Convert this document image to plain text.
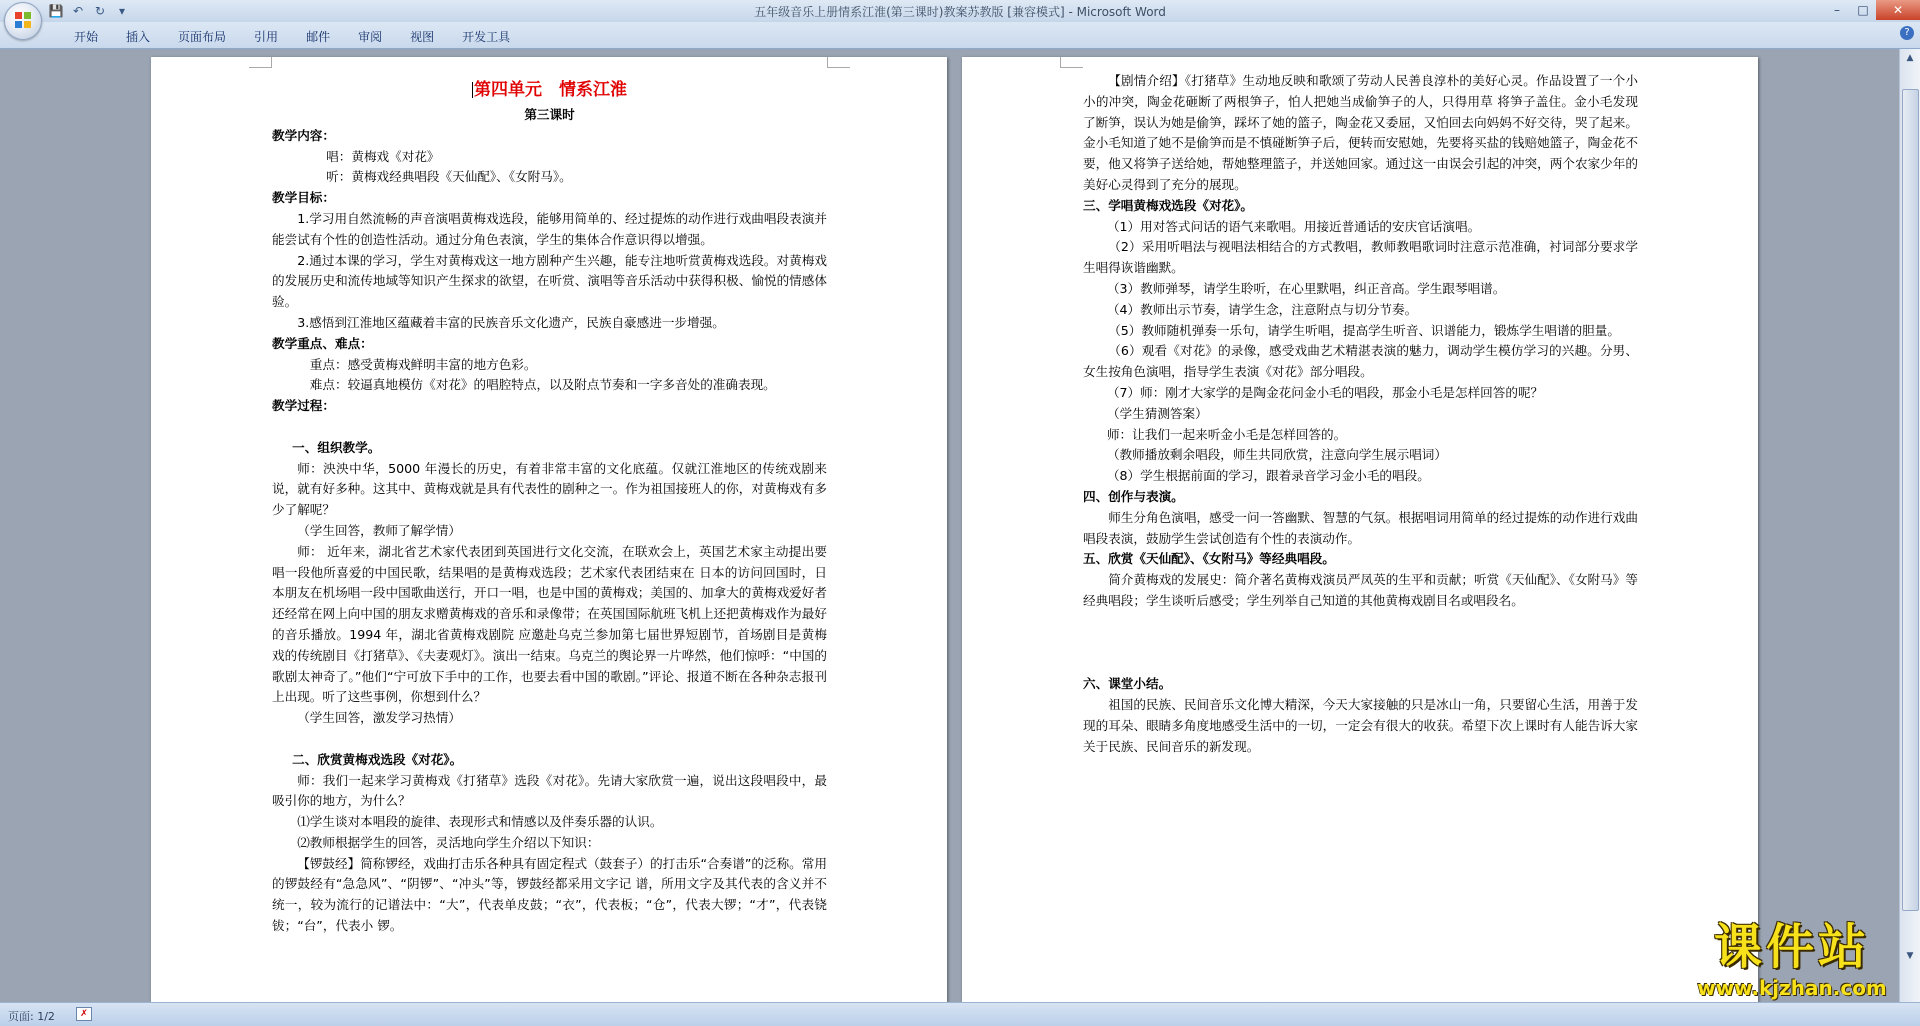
💾 ↶ ↻	▾	五年级音乐上册情系江淮(第三课时)教案苏教版 [兼容模式] - Microsoft Word	–	□	✕
开始	插入	页面布局	引用	邮件	审阅	视图	开发工具	?

第四单元　情系江淮

第三课时

教学内容：

唱：黄梅戏《对花》

听：黄梅戏经典唱段《天仙配》、《女附马》。

教学目标：

1.学习用自然流畅的声音演唱黄梅戏选段，能够用简单的、经过提炼的动作进行戏曲唱段表演并能尝试有个性的创造性活动。通过分角色表演，学生的集体合作意识得以增强。

2.通过本课的学习，学生对黄梅戏这一地方剧种产生兴趣，能专注地听赏黄梅戏选段。对黄梅戏的发展历史和流传地域等知识产生探求的欲望，在听赏、演唱等音乐活动中获得积极、愉悦的情感体验。

3.感悟到江淮地区蕴藏着丰富的民族音乐文化遗产，民族自豪感进一步增强。

教学重点、难点：

重点：感受黄梅戏鲜明丰富的地方色彩。

难点：较逼真地模仿《对花》的唱腔特点，以及附点节奏和一字多音处的准确表现。

教学过程：

一、组织教学。

师：泱泱中华，5000 年漫长的历史，有着非常丰富的文化底蕴。仅就江淮地区的传统戏剧来说，就有好多种。这其中、黄梅戏就是具有代表性的剧种之一。作为祖国接班人的你，对黄梅戏有多少了解呢？

（学生回答，教师了解学情）

师： 近年来，湖北省艺术家代表团到英国进行文化交流，在联欢会上，英国艺术家主动提出要唱一段他所喜爱的中国民歌，结果唱的是黄梅戏选段；艺术家代表团结束在 日本的访问回国时，日本朋友在机场唱一段中国歌曲送行，开口一唱，也是中国的黄梅戏；美国的、加拿大的黄梅戏爱好者还经常在网上向中国的朋友求赠黄梅戏的音乐和录像带；在英国国际航班飞机上还把黄梅戏作为最好的音乐播放。1994 年，湖北省黄梅戏剧院 应邀赴乌克兰参加第七届世界短剧节，首场剧目是黄梅戏的传统剧目《打猪草》、《夫妻观灯》。演出一结束。乌克兰的舆论界一片哗然，他们惊呼：“中国的歌剧太神奇了。”他们“宁可放下手中的工作，也要去看中国的歌剧。”评论、报道不断在各种杂志报刊上出现。听了这些事例，你想到什么？

（学生回答，激发学习热情）

二、欣赏黄梅戏选段《对花》。

师：我们一起来学习黄梅戏《打猪草》选段《对花》。先请大家欣赏一遍，说出这段唱段中，最吸引你的地方，为什么？

⑴学生谈对本唱段的旋律、表现形式和情感以及伴奏乐器的认识。

⑵教师根据学生的回答，灵活地向学生介绍以下知识：

【锣鼓经】简称锣经，戏曲打击乐各种具有固定程式（鼓套子）的打击乐“合奏谱”的泛称。常用的锣鼓经有“急急风”、“阴锣”、“冲头”等，锣鼓经都采用文字记 谱，所用文字及其代表的含义并不统一，较为流行的记谱法中：“大”，代表单皮鼓；“衣”，代表板；“仓”，代表大锣；“才”，代表铙钹；“台”，代表小 锣。

【剧情介绍】《打猪草》生动地反映和歌颂了劳动人民善良淳朴的美好心灵。作品设置了一个小小的冲突，陶金花砸断了两根笋子，怕人把她当成偷笋子的人，只得用草 将笋子盖住。金小毛发现了断笋，误认为她是偷笋，踩坏了她的篮子，陶金花又委屈，又怕回去向妈妈不好交待，哭了起来。金小毛知道了她不是偷笋而是不慎碰断笋子后，便转而安慰她，先要将买盐的钱赔她篮子，陶金花不要，他又将笋子送给她，帮她整理篮子，并送她回家。通过这一由误会引起的冲突，两个农家少年的美好心灵得到了充分的展现。

三、学唱黄梅戏选段《对花》。

（1）用对答式问话的语气来歌唱。用接近普通话的安庆官话演唱。

（2）采用听唱法与视唱法相结合的方式教唱，教师教唱歌词时注意示范准确，衬词部分要求学生唱得诙谐幽默。

（3）教师弹琴，请学生聆听，在心里默唱，纠正音高。学生跟琴唱谱。

（4）教师出示节奏，请学生念，注意附点与切分节奏。

（5）教师随机弹奏一乐句，请学生听唱，提高学生听音、识谱能力，锻炼学生唱谱的胆量。

（6）观看《对花》的录像，感受戏曲艺术精湛表演的魅力，调动学生模仿学习的兴趣。分男、女生按角色演唱，指导学生表演《对花》部分唱段。

（7）师：刚才大家学的是陶金花问金小毛的唱段，那金小毛是怎样回答的呢？

（学生猜测答案）

师：让我们一起来听金小毛是怎样回答的。

（教师播放剩余唱段，师生共同欣赏，注意向学生展示唱词）

（8）学生根据前面的学习，跟着录音学习金小毛的唱段。

四、创作与表演。

师生分角色演唱，感受一问一答幽默、智慧的气氛。根据唱词用简单的经过提炼的动作进行戏曲唱段表演，鼓励学生尝试创造有个性的表演动作。

五、欣赏《天仙配》、《女附马》等经典唱段。

简介黄梅戏的发展史：简介著名黄梅戏演员严凤英的生平和贡献；听赏《天仙配》、《女附马》等经典唱段；学生谈听后感受；学生列举自己知道的其他黄梅戏剧目名或唱段名。

六、课堂小结。

祖国的民族、民间音乐文化博大精深，今天大家接触的只是冰山一角，只要留心生活，用善于发现的耳朵、眼睛多角度地感受生活中的一切，一定会有很大的收获。希望下次上课时有人能告诉大家关于民族、民间音乐的新发现。

▲
▼
页面: 1/2	✗
课件站
www.kjzhan.com
